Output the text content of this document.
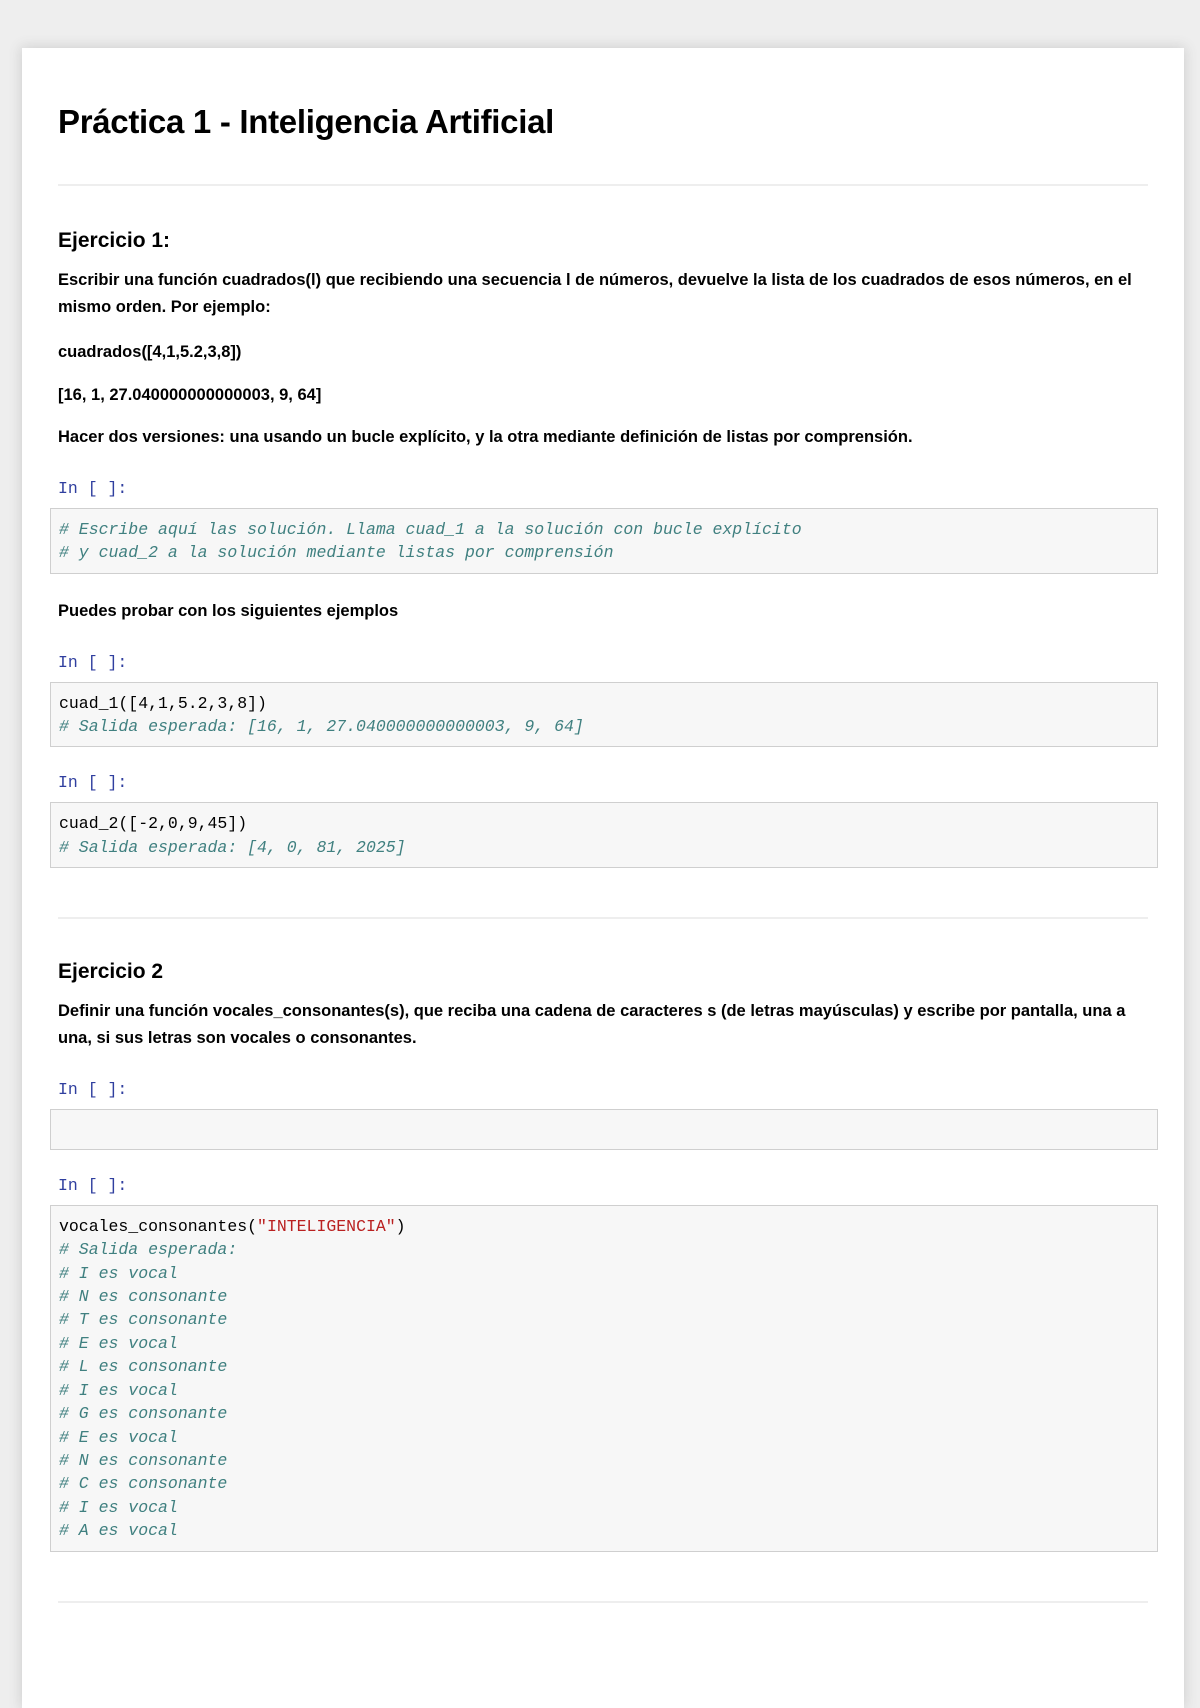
Práctica 1 - Inteligencia Artificial
Ejercicio 1:

Escribir una función cuadrados(l) que recibiendo una secuencia l de números, devuelve la lista de los cuadrados de esos números, en el mismo orden. Por ejemplo:

cuadrados([4,1,5.2,3,8])

[16, 1, 27.040000000000003, 9, 64]

Hacer dos versiones: una usando un bucle explícito, y la otra mediante definición de listas por comprensión.

In [ ]:
# Escribe aquí las solución. Llama cuad_1 a la solución con bucle explícito
# y cuad_2 a la solución mediante listas por comprensión

Puedes probar con los siguientes ejemplos

In [ ]:
cuad_1([4,1,5.2,3,8])
# Salida esperada: [16, 1, 27.040000000000003, 9, 64]
In [ ]:
cuad_2([-2,0,9,45])
# Salida esperada: [4, 0, 81, 2025]
Ejercicio 2

Definir una función vocales_consonantes(s), que reciba una cadena de caracteres s (de letras mayúsculas) y escribe por pantalla, una a una, si sus letras son vocales o consonantes.

In [ ]:
In [ ]:
vocales_consonantes("INTELIGENCIA")
# Salida esperada:
# I es vocal
# N es consonante
# T es consonante
# E es vocal
# L es consonante
# I es vocal
# G es consonante
# E es vocal
# N es consonante
# C es consonante
# I es vocal
# A es vocal
